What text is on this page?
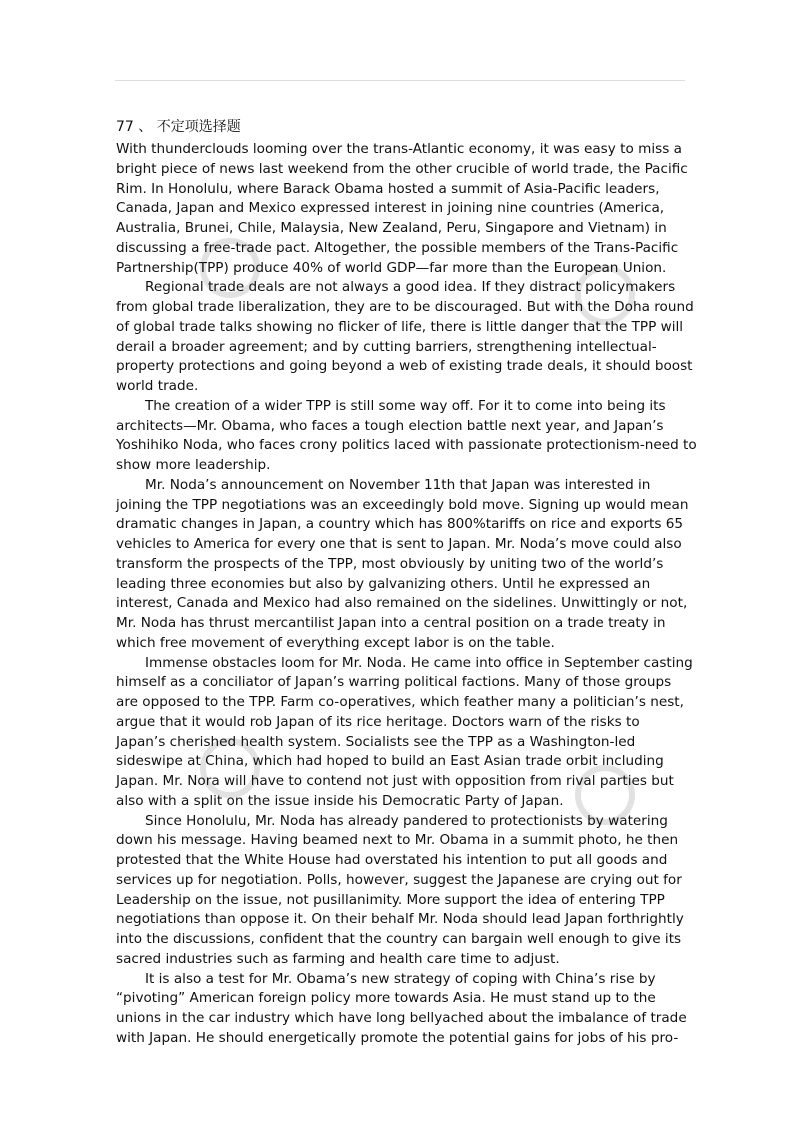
77 、 不定项选择题
With thunderclouds looming over the trans-Atlantic economy, it was easy to miss a
bright piece of news last weekend from the other crucible of world trade, the Pacific
Rim. In Honolulu, where Barack Obama hosted a summit of Asia-Pacific leaders,
Canada, Japan and Mexico expressed interest in joining nine countries (America,
Australia, Brunei, Chile, Malaysia, New Zealand, Peru, Singapore and Vietnam) in
discussing a free-trade pact. Altogether, the possible members of the Trans-Pacific
Partnership(TPP) produce 40% of world GDP—far more than the European Union.
Regional trade deals are not always a good idea. If they distract policymakers
from global trade liberalization, they are to be discouraged. But with the Doha round
of global trade talks showing no flicker of life, there is little danger that the TPP will
derail a broader agreement; and by cutting barriers, strengthening intellectual-
property protections and going beyond a web of existing trade deals, it should boost
world trade.
The creation of a wider TPP is still some way off. For it to come into being its
architects—Mr. Obama, who faces a tough election battle next year, and Japan’s
Yoshihiko Noda, who faces crony politics laced with passionate protectionism-need to
show more leadership.
Mr. Noda’s announcement on November 11th that Japan was interested in
joining the TPP negotiations was an exceedingly bold move. Signing up would mean
dramatic changes in Japan, a country which has 800%tariffs on rice and exports 65
vehicles to America for every one that is sent to Japan. Mr. Noda’s move could also
transform the prospects of the TPP, most obviously by uniting two of the world’s
leading three economies but also by galvanizing others. Until he expressed an
interest, Canada and Mexico had also remained on the sidelines. Unwittingly or not,
Mr. Noda has thrust mercantilist Japan into a central position on a trade treaty in
which free movement of everything except labor is on the table.
Immense obstacles loom for Mr. Noda. He came into office in September casting
himself as a conciliator of Japan’s warring political factions. Many of those groups
are opposed to the TPP. Farm co-operatives, which feather many a politician’s nest,
argue that it would rob Japan of its rice heritage. Doctors warn of the risks to
Japan’s cherished health system. Socialists see the TPP as a Washington-led
sideswipe at China, which had hoped to build an East Asian trade orbit including
Japan. Mr. Nora will have to contend not just with opposition from rival parties but
also with a split on the issue inside his Democratic Party of Japan.
Since Honolulu, Mr. Noda has already pandered to protectionists by watering
down his message. Having beamed next to Mr. Obama in a summit photo, he then
protested that the White House had overstated his intention to put all goods and
services up for negotiation. Polls, however, suggest the Japanese are crying out for
Leadership on the issue, not pusillanimity. More support the idea of entering TPP
negotiations than oppose it. On their behalf Mr. Noda should lead Japan forthrightly
into the discussions, confident that the country can bargain well enough to give its
sacred industries such as farming and health care time to adjust.
It is also a test for Mr. Obama’s new strategy of coping with China’s rise by
“pivoting” American foreign policy more towards Asia. He must stand up to the
unions in the car industry which have long bellyached about the imbalance of trade
with Japan. He should energetically promote the potential gains for jobs of his pro-
